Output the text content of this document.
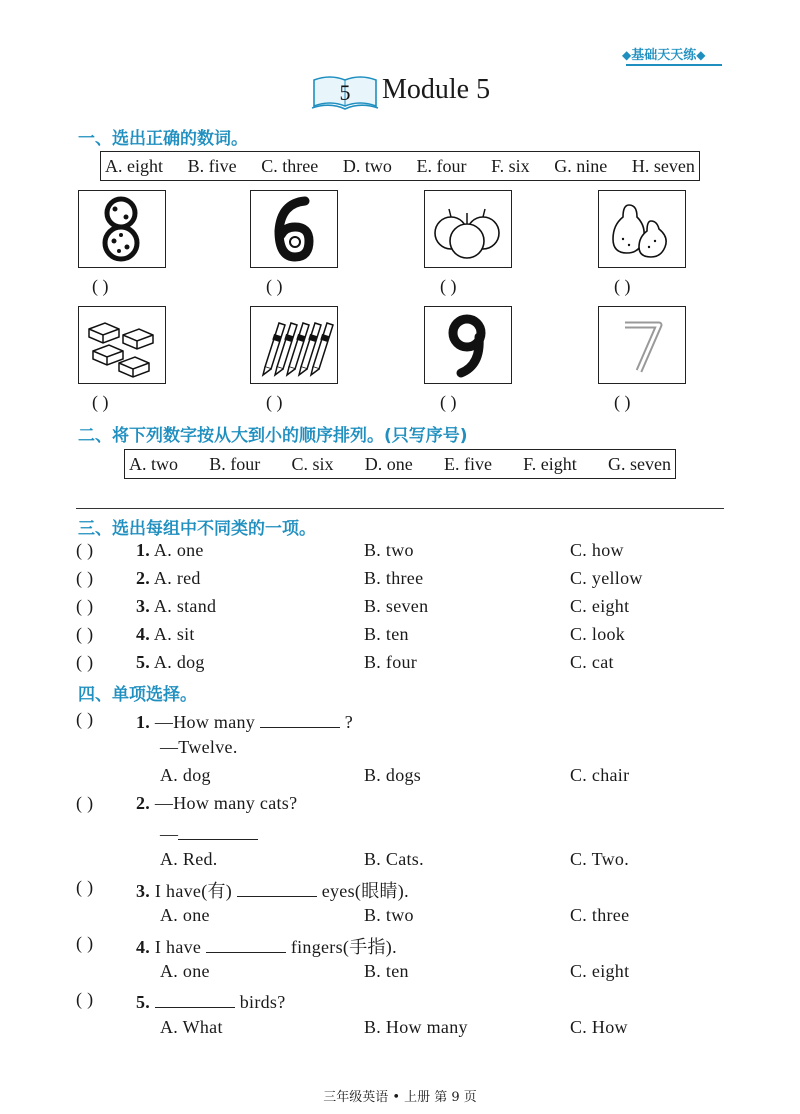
◆基础天天练◆
5 Module 5
一、选出正确的数词。
A. eight B. five C. three D. two E. four F. six G. nine H. seven
( )	( )	( )	( )
( )	( )	( )	( )
二、将下列数字按从大到小的顺序排列。(只写序号)
A. two B. four C. six D. one E. five F. eight G. seven
三、选出每组中不同类的一项。
( ) 1. A. one	B. two	C. how
( ) 2. A. red	B. three	C. yellow
( ) 3. A. stand	B. seven	C. eight
( ) 4. A. sit	B. ten	C. look
( ) 5. A. dog	B. four	C. cat
四、单项选择。
( ) 1. —How many	?
—Twelve.
A. dog	B. dogs	C. chair
( ) 2. —How many cats?
—
A. Red.	B. Cats.	C. Two.
( ) 3. I have(有)	eyes(眼睛).
A. one	B. two	C. three
( ) 4. I have	fingers(手指).
A. one	B. ten	C. eight
( ) 5.	birds?
A. What	B. How many	C. How
三年级英语 • 上册 第 9 页
